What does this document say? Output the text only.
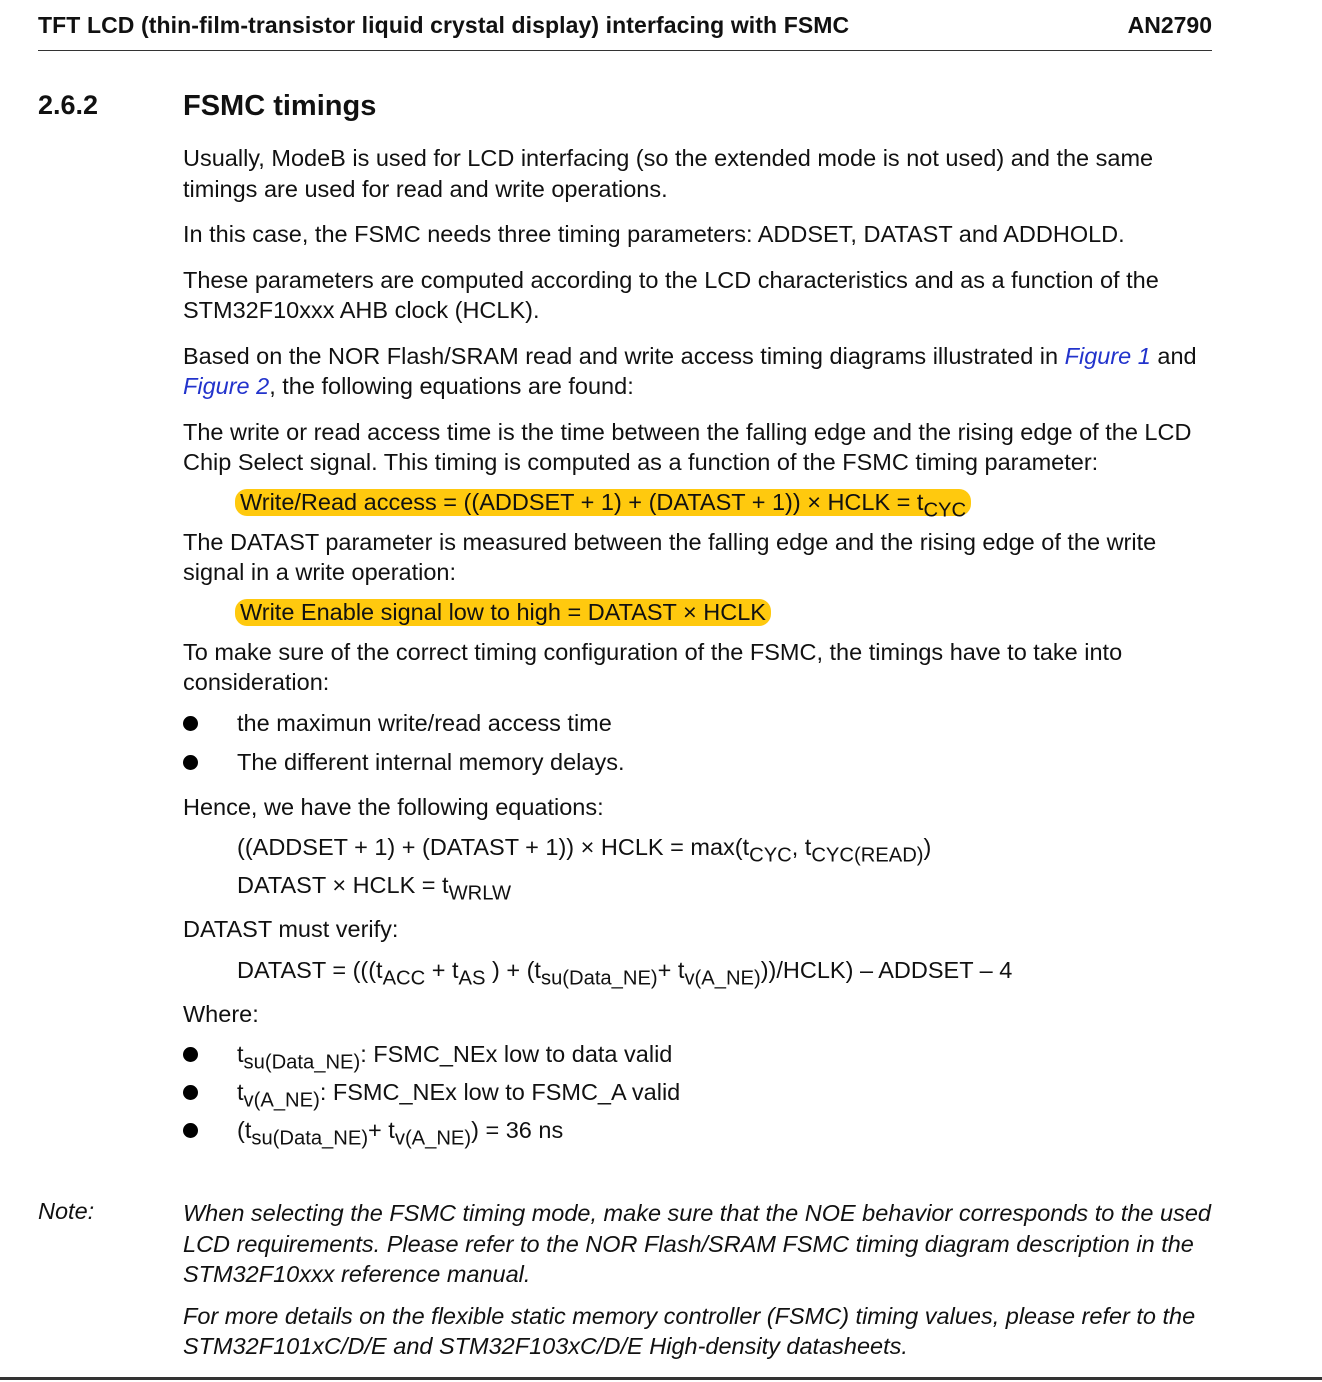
TFT LCD (thin-film-transistor liquid crystal display) interfacing with FSMC	AN2790
2.6.2	FSMC timings

Usually, ModeB is used for LCD interfacing (so the extended mode is not used) and the same timings are used for read and write operations.

In this case, the FSMC needs three timing parameters: ADDSET, DATAST and ADDHOLD.

These parameters are computed according to the LCD characteristics and as a function of the STM32F10xxx AHB clock (HCLK).

Based on the NOR Flash/SRAM read and write access timing diagrams illustrated in Figure 1 and Figure 2, the following equations are found:

The write or read access time is the time between the falling edge and the rising edge of the LCD Chip Select signal. This timing is computed as a function of the FSMC timing parameter:

Write/Read access = ((ADDSET + 1) + (DATAST + 1)) × HCLK = $t_{CYC}$

The DATAST parameter is measured between the falling edge and the rising edge of the write signal in a write operation:

Write Enable signal low to high = DATAST × HCLK

To make sure of the correct timing configuration of the FSMC, the timings have to take into consideration:

the maximun write/read access time
The different internal memory delays.

Hence, we have the following equations:

((ADDSET + 1) + (DATAST + 1)) × HCLK = $\max(t_{CYC}$, $t_{CYC(READ)}$)
DATAST × HCLK = $t_{WRLW}$

DATAST must verify:

DATAST = ((($t_{ACC} + t_{AS}$ ) + ($t_{su(Data\_NE)}+$ $t_{v(A\_NE)}))/HCLK$) – ADDSET – 4

Where:

$t_{su(Data\_NE)}$: FSMC_NEx low to data valid
$t_{v(A\_NE)}$: FSMC_NEx low to FSMC_A valid
$(t_{su(Data\_NE)}+ t_{v(A\_NE)}) = 36$ ns
Note:	When selecting the FSMC timing mode, make sure that the NOE behavior corresponds to the used LCD requirements. Please refer to the NOR Flash/SRAM FSMC timing diagram description in the STM32F10xxx reference manual.

For more details on the flexible static memory controller (FSMC) timing values, please refer to the STM32F101xC/D/E and STM32F103xC/D/E High-density datasheets.
